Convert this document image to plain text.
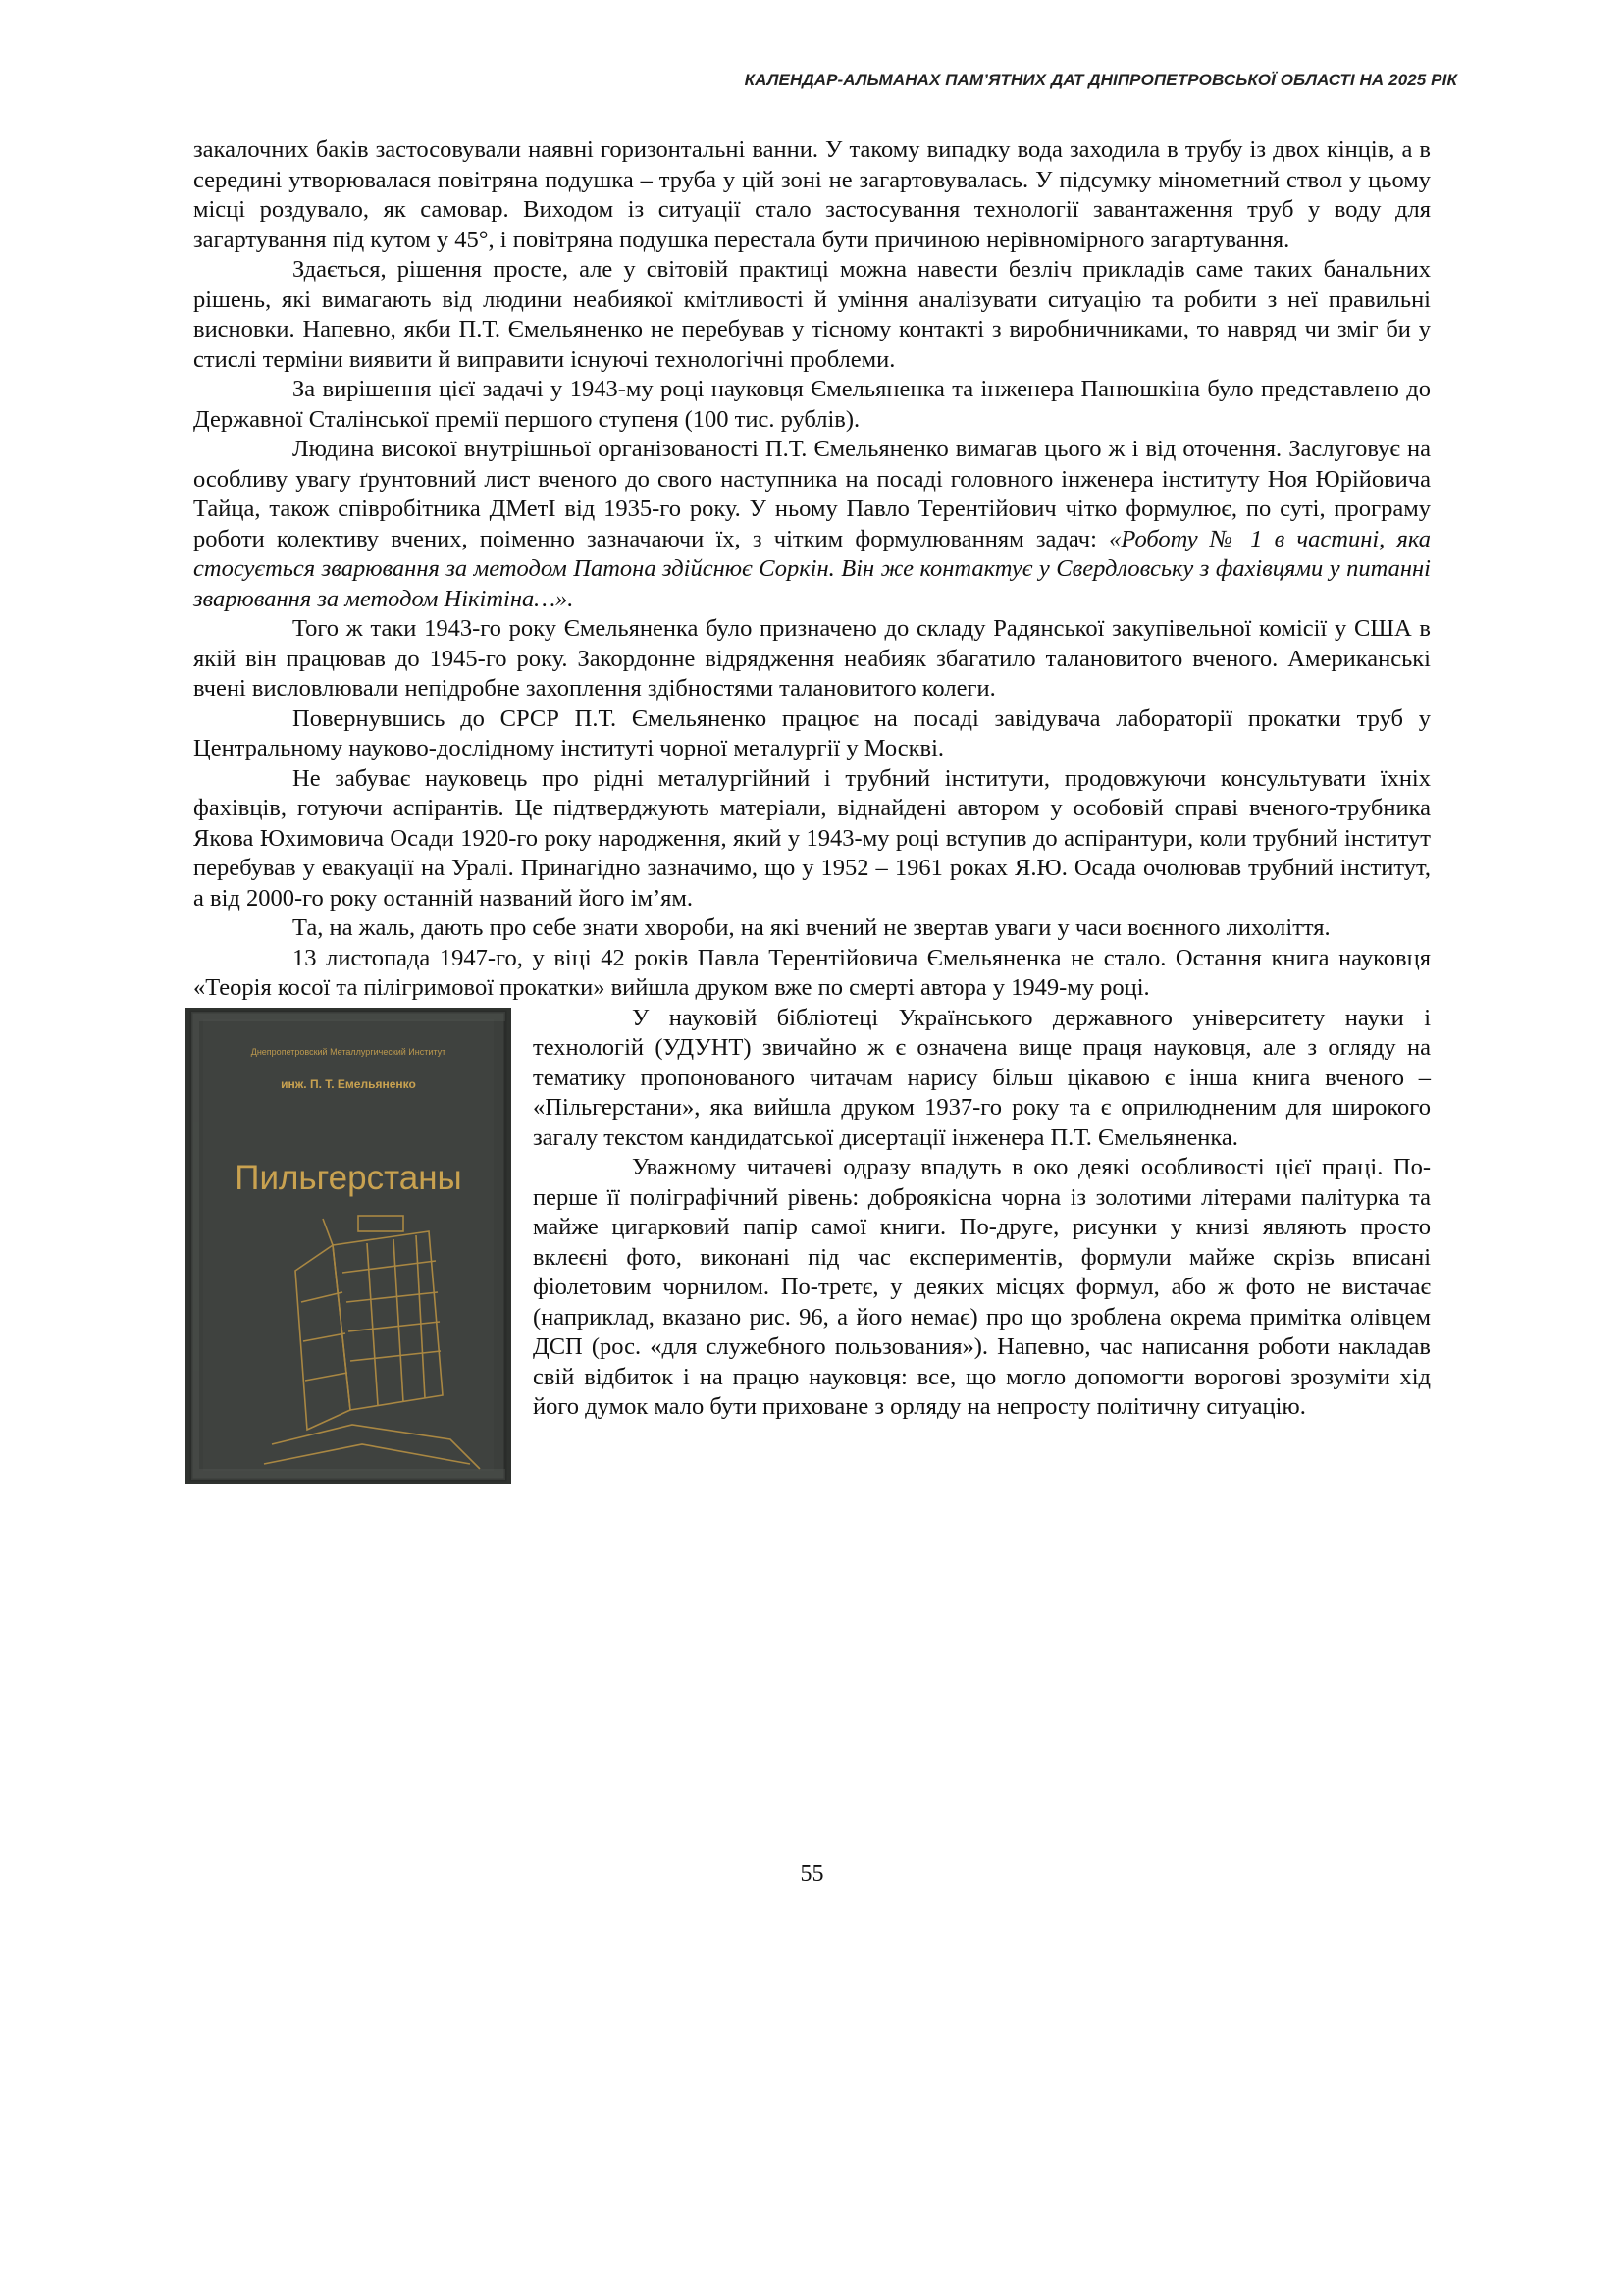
КАЛЕНДАР-АЛЬМАНАХ ПАМ’ЯТНИХ ДАТ ДНІПРОПЕТРОВСЬКОЇ ОБЛАСТІ НА 2025 РІК

закалочних баків застосовували наявні горизонтальні ванни. У такому випадку вода заходила в трубу із двох кінців, а в середині утворювалася повітряна подушка – труба у цій зоні не загартовувалась. У підсумку мінометний ствол у цьому місці роздувало, як самовар. Виходом із ситуації стало застосування технології завантаження труб у воду для загартування під кутом у 45°, і повітряна подушка перестала бути причиною нерівномірного загартування.

Здається, рішення просте, але у світовій практиці можна навести безліч прикладів саме таких банальних рішень, які вимагають від людини неабиякої кмітливості й уміння аналізувати ситуацію та робити з неї правильні висновки. Напевно, якби П.Т. Ємельяненко не перебував у тісному контакті з виробничниками, то навряд чи зміг би у стислі терміни виявити й виправити існуючі технологічні проблеми.

За вирішення цієї задачі у 1943-му році науковця Ємельяненка та інженера Панюшкіна було представлено до Державної Сталінської премії першого ступеня (100 тис. рублів).

Людина високої внутрішньої організованості П.Т. Ємельяненко вимагав цього ж і від оточення. Заслуговує на особливу увагу ґрунтовний лист вченого до свого наступника на посаді головного інженера інституту Ноя Юрійовича Тайца, також співробітника ДМетІ від 1935-го року. У ньому Павло Терентійович чітко формулює, по суті, програму роботи колективу вчених, поіменно зазначаючи їх, з чітким формулюванням задач: «Роботу № 1 в частині, яка стосується зварювання за методом Патона здійснює Соркін. Він же контактує у Свердловську з фахівцями у питанні зварювання за методом Нікітіна…».

Того ж таки 1943-го року Ємельяненка було призначено до складу Радянської закупівельної комісії у США в якій він працював до 1945-го року. Закордонне відрядження неабияк збагатило талановитого вченого. Американські вчені висловлювали непідробне захоплення здібностями талановитого колеги.

Повернувшись до СРСР П.Т. Ємельяненко працює на посаді завідувача лабораторії прокатки труб у Центральному науково-дослідному інституті чорної металургії у Москві.

Не забуває науковець про рідні металургійний і трубний інститути, продовжуючи консультувати їхніх фахівців, готуючи аспірантів. Це підтверджують матеріали, віднайдені автором у особовій справі вченого-трубника Якова Юхимовича Осади 1920-го року народження, який у 1943-му році вступив до аспірантури, коли трубний інститут перебував у евакуації на Уралі. Принагідно зазначимо, що у 1952 – 1961 роках Я.Ю. Осада очолював трубний інститут, а від 2000-го року останній названий його ім’ям.

Та, на жаль, дають про себе знати хвороби, на які вчений не звертав уваги у часи воєнного лихоліття.

13 листопада 1947-го, у віці 42 років Павла Терентійовича Ємельяненка не стало. Остання книга науковця «Теорія косої та пілігримової прокатки» вийшла друком вже по смерті автора у 1949-му році.

Днепропетровский Металлургический Институт
инж. П. Т. Емельяненко
Пильгерстаны

У науковій бібліотеці Українського державного університету науки і технологій (УДУНТ) звичайно ж є означена вище праця науковця, але з огляду на тематику пропонованого читачам нарису більш цікавою є інша книга вченого – «Пільгерстани», яка вийшла друком 1937-го року та є оприлюдненим для широкого загалу текстом кандидатської дисертації інженера П.Т. Ємельяненка.

Уважному читачеві одразу впадуть в око деякі особливості цієї праці. По-перше її поліграфічний рівень: доброякісна чорна із золотими літерами палітурка та майже цигарковий папір самої книги. По-друге, рисунки у книзі являють просто вклеєні фото, виконані під час експериментів, формули майже скрізь вписані фіолетовим чорнилом. По-третє, у деяких місцях формул, або ж фото не вистачає (наприклад, вказано рис. 96, а його немає) про що зроблена окрема примітка олівцем ДСП (рос. «для служебного пользования»). Напевно, час написання роботи накладав свій відбиток і на працю науковця: все, що могло допомогти ворогові зрозуміти хід його думок мало бути приховане з орляду на непросту політичну ситуацію.

55
